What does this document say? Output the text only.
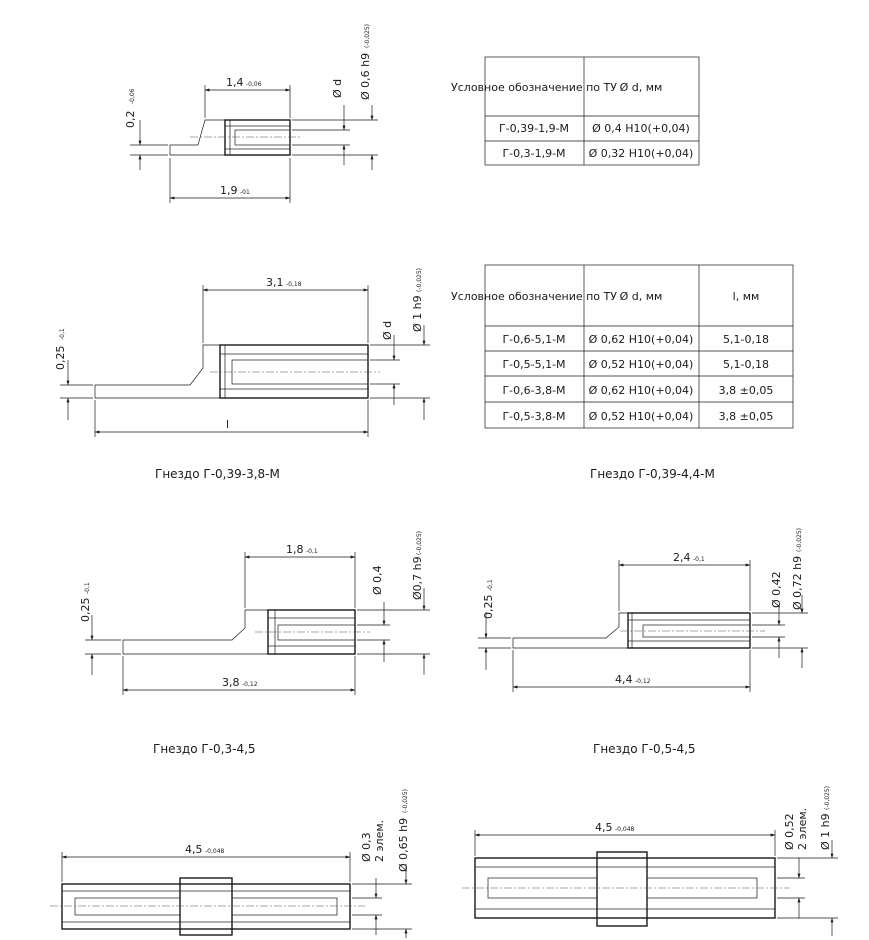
1,4 -0,06
1,9 -01
0,2
-0,06	Ø d Ø 0,6 h9
(-0,025)
Условное обозначение по ТУ Ø d, мм
Г-0,39-1,9-М Ø 0,4 H10(+0,04)
Г-0,3-1,9-М Ø 0,32 H10(+0,04)
3,1 -0,18
l
0,25
-0,1	Ø d Ø 1 h9
(-0,025)
Условное обозначение по ТУ Ø d, мм	l, мм
Г-0,6-5,1-М Ø 0,62 H10(+0,04)	5,1-0,18
Г-0,5-5,1-М Ø 0,52 H10(+0,04)	5,1-0,18
Г-0,6-3,8-М Ø 0,62 H10(+0,04) 3,8 ±0,05
Г-0,5-3,8-М Ø 0,52 H10(+0,04) 3,8 ±0,05
Гнездо Г-0,39-3,8-М
1,8 -0,1
3,8 -0,12
0,25
-0,1	Ø 0,4 Ø0,7 h9
(-0,025)
Гнездо Г-0,39-4,4-М
2,4 -0,1
4,4 -0,12
0,25
-0,1	Ø 0,42 Ø 0,72 h9
(-0,025)
Гнездо Г-0,3-4,5
4,5 -0,048	Ø 0,3 2 элем. Ø 0,65 h9
(-0,025)
Гнездо Г-0,5-4,5
4,5 -0,048	Ø 0,52 2 элем. Ø 1 h9
(-0,025)
